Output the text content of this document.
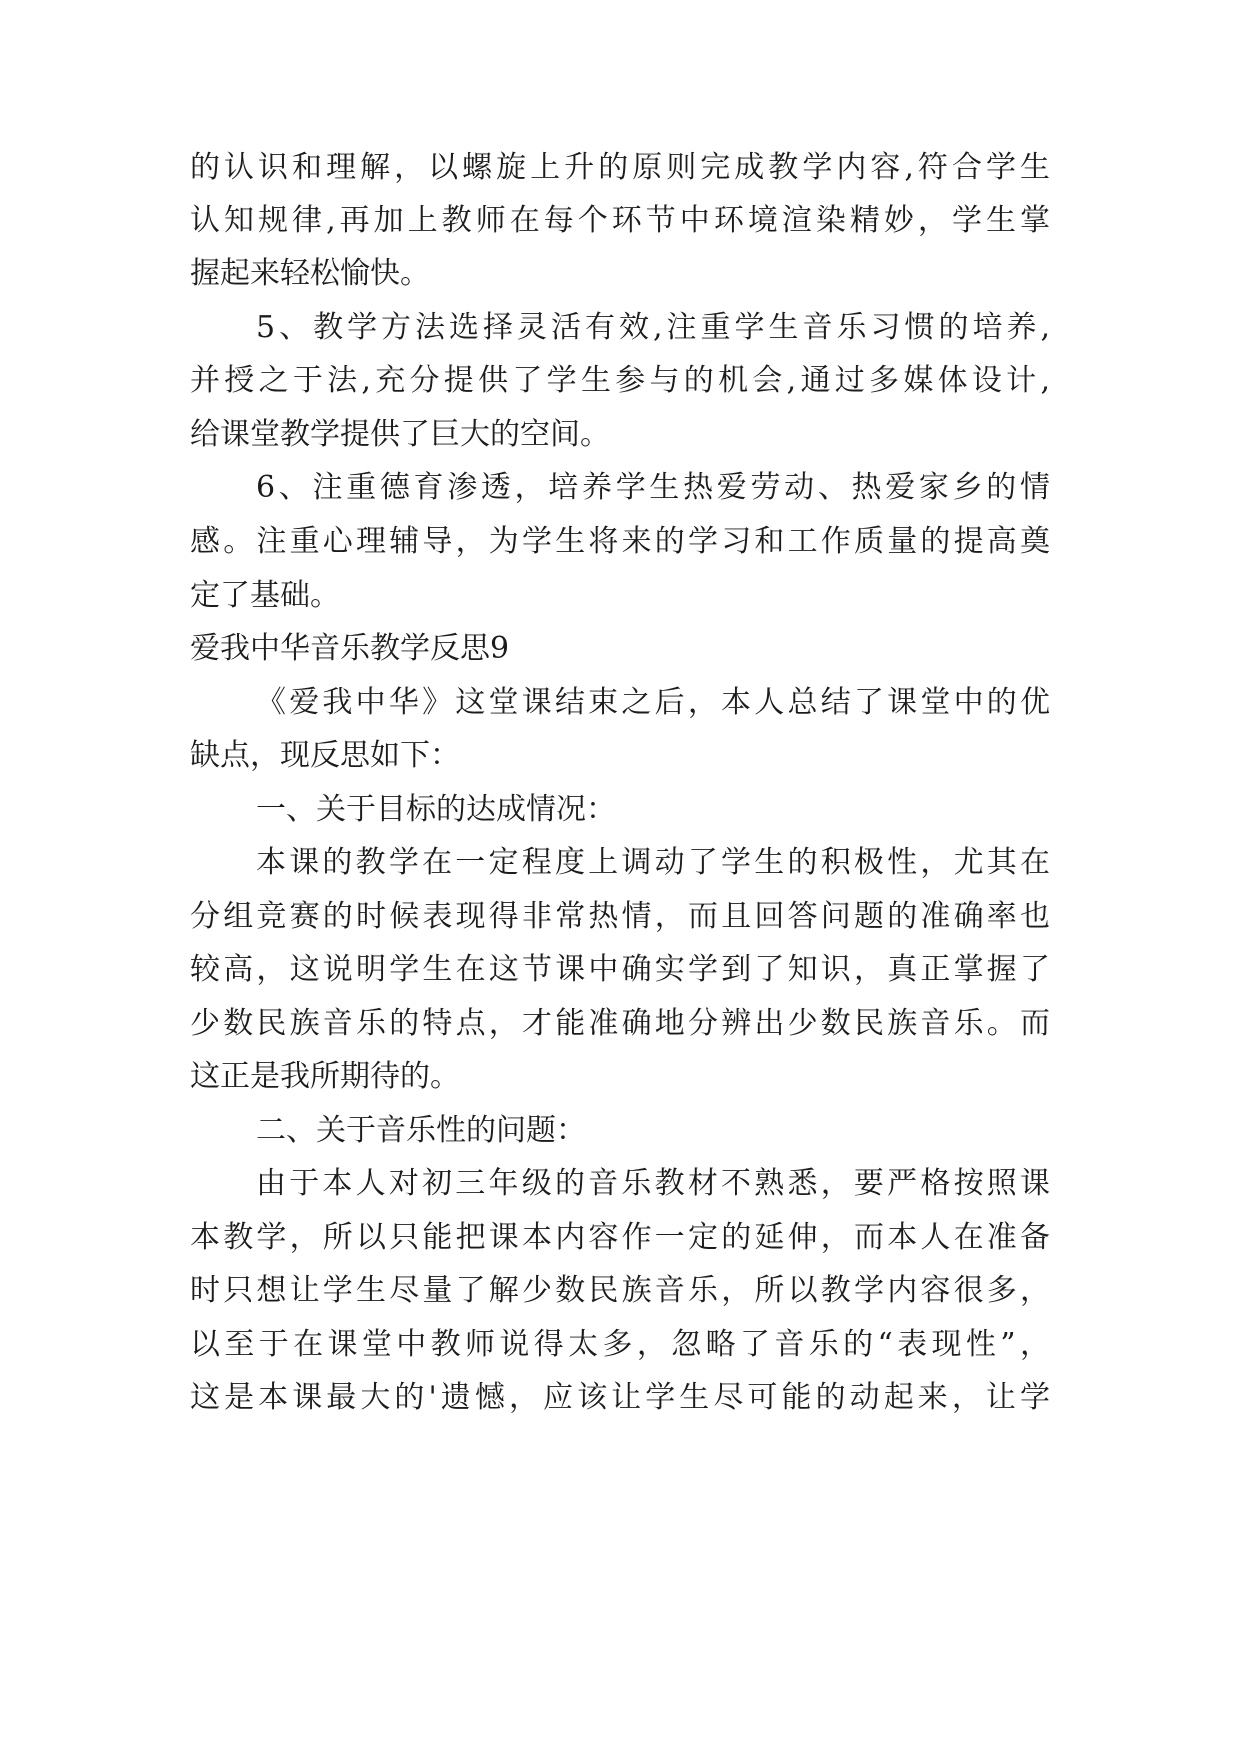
的认识和理解，以螺旋上升的原则完成教学内容,符合学生
认知规律,再加上教师在每个环节中环境渲染精妙，学生掌
握起来轻松愉快。
5、教学方法选择灵活有效,注重学生音乐习惯的培养,
并授之于法,充分提供了学生参与的机会,通过多媒体设计,
给课堂教学提供了巨大的空间。
6、注重德育渗透，培养学生热爱劳动、热爱家乡的情
感。注重心理辅导，为学生将来的学习和工作质量的提高奠
定了基础。
爱我中华音乐教学反思9
《爱我中华》这堂课结束之后，本人总结了课堂中的优
缺点，现反思如下：
一、关于目标的达成情况：
本课的教学在一定程度上调动了学生的积极性，尤其在
分组竞赛的时候表现得非常热情，而且回答问题的准确率也
较高，这说明学生在这节课中确实学到了知识，真正掌握了
少数民族音乐的特点，才能准确地分辨出少数民族音乐。而
这正是我所期待的。
二、关于音乐性的问题：
由于本人对初三年级的音乐教材不熟悉，要严格按照课
本教学，所以只能把课本内容作一定的延伸，而本人在准备
时只想让学生尽量了解少数民族音乐，所以教学内容很多，
以至于在课堂中教师说得太多，忽略了音乐的“表现性”，
这是本课最大的'遗憾，应该让学生尽可能的动起来，让学
